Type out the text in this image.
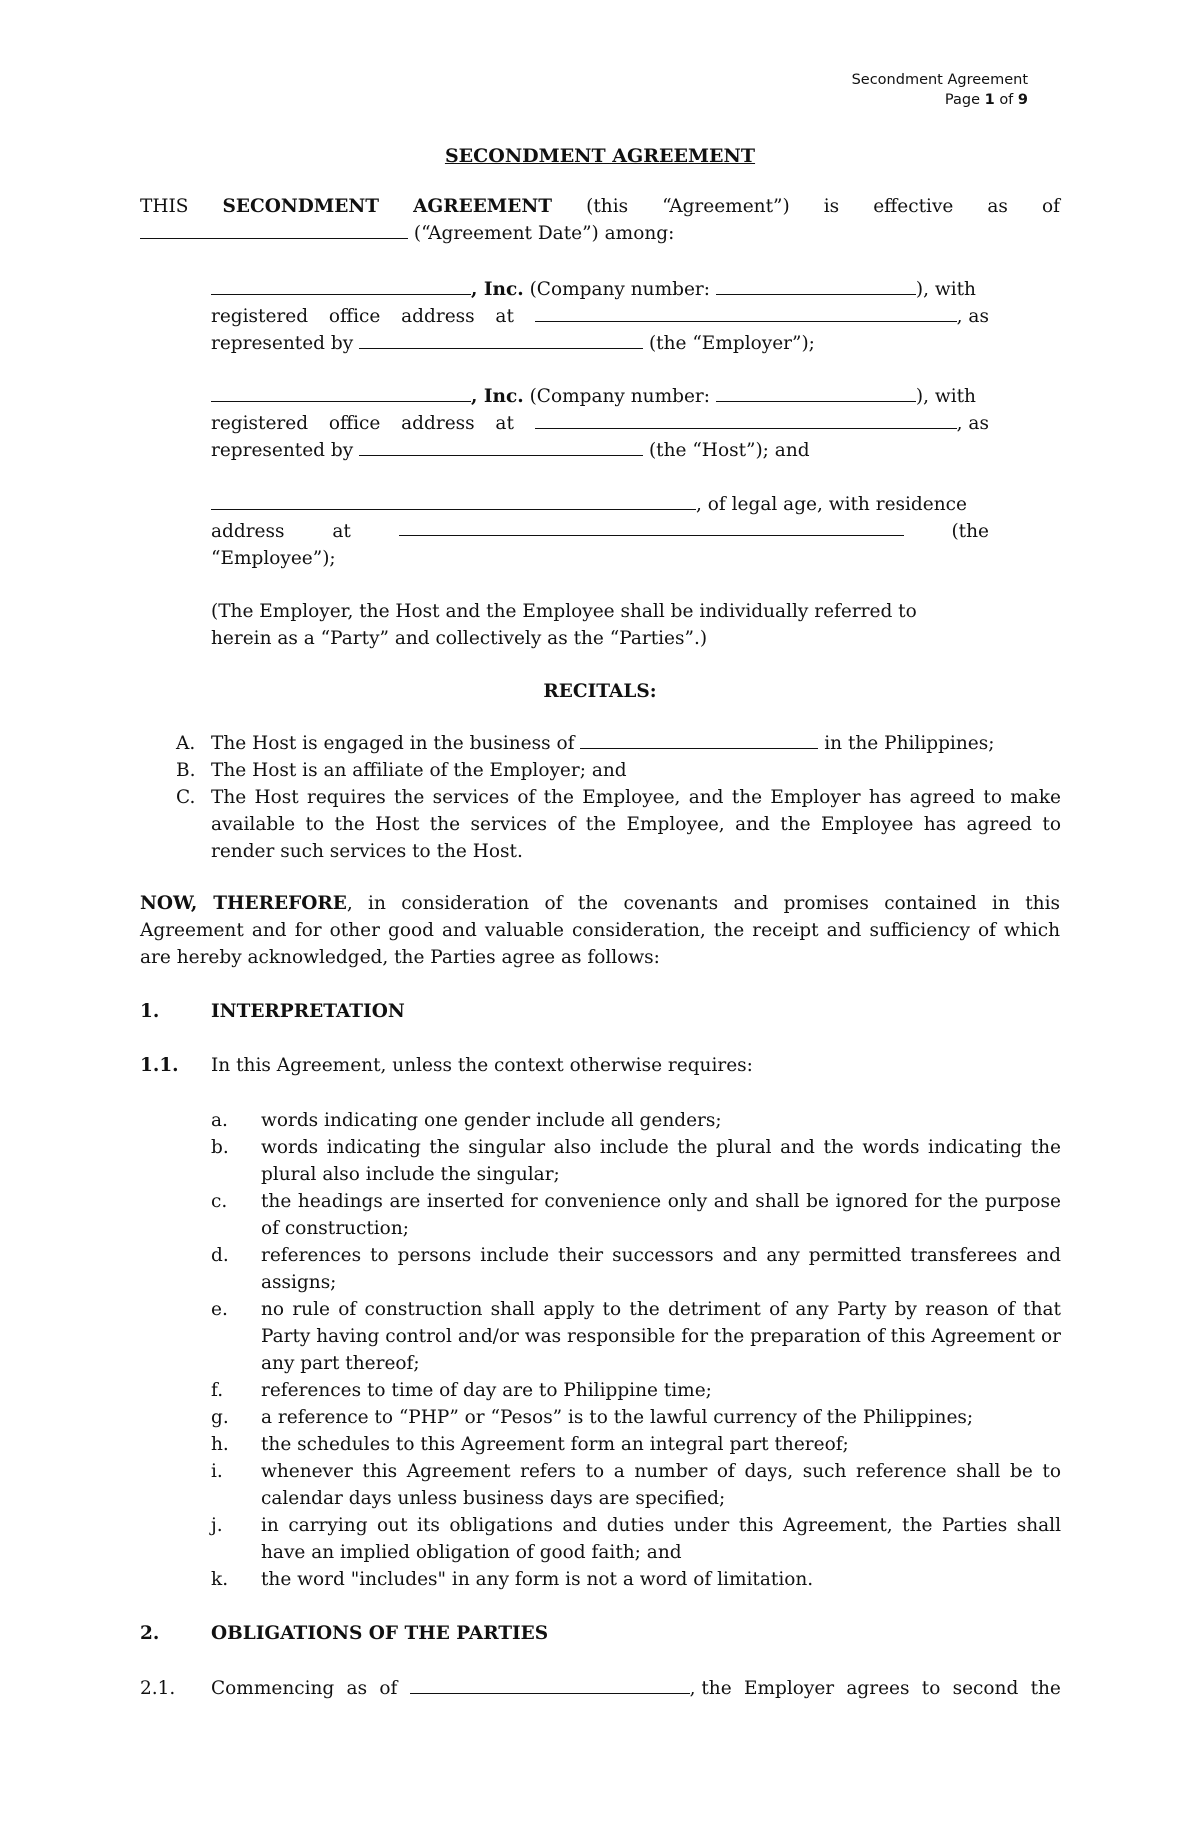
Secondment Agreement
Page 1 of 9
SECONDMENT AGREEMENT
THIS SECONDMENT AGREEMENT (this “Agreement”) is effective as of
(“Agreement Date”) among:
, Inc. (Company number:	), with
registered office address at	, as
represented by	(the “Employer”);
, Inc. (Company number:	), with
registered office address at	, as
represented by	(the “Host”); and
, of legal age, with residence
address	at	(the
“Employee”);
(The Employer, the Host and the Employee shall be individually referred to herein as a “Party” and collectively as the “Parties”.)
RECITALS:
A. The Host is engaged in the business of	in the Philippines;
B. The Host is an affiliate of the Employer; and
C. The Host requires the services of the Employee, and the Employer has agreed to make available to the Host the services of the Employee, and the Employee has agreed to render such services to the Host.
NOW, THEREFORE, in consideration of the covenants and promises contained in this Agreement and for other good and valuable consideration, the receipt and sufficiency of which are hereby acknowledged, the Parties agree as follows:
1.	INTERPRETATION
1.1. In this Agreement, unless the context otherwise requires:
a. words indicating one gender include all genders;
b. words indicating the singular also include the plural and the words indicating the plural also include the singular;
c. the headings are inserted for convenience only and shall be ignored for the purpose of construction;
d. references to persons include their successors and any permitted transferees and assigns;
e. no rule of construction shall apply to the detriment of any Party by reason of that Party having control and/or was responsible for the preparation of this Agreement or any part thereof;
f. references to time of day are to Philippine time;
g. a reference to “PHP” or “Pesos” is to the lawful currency of the Philippines;
h. the schedules to this Agreement form an integral part thereof;
i. whenever this Agreement refers to a number of days, such reference shall be to calendar days unless business days are specified;
j. in carrying out its obligations and duties under this Agreement, the Parties shall have an implied obligation of good faith; and
k. the word "includes" in any form is not a word of limitation.
2.	OBLIGATIONS OF THE PARTIES
2.1. Commencing as of	, the Employer agrees to second the
